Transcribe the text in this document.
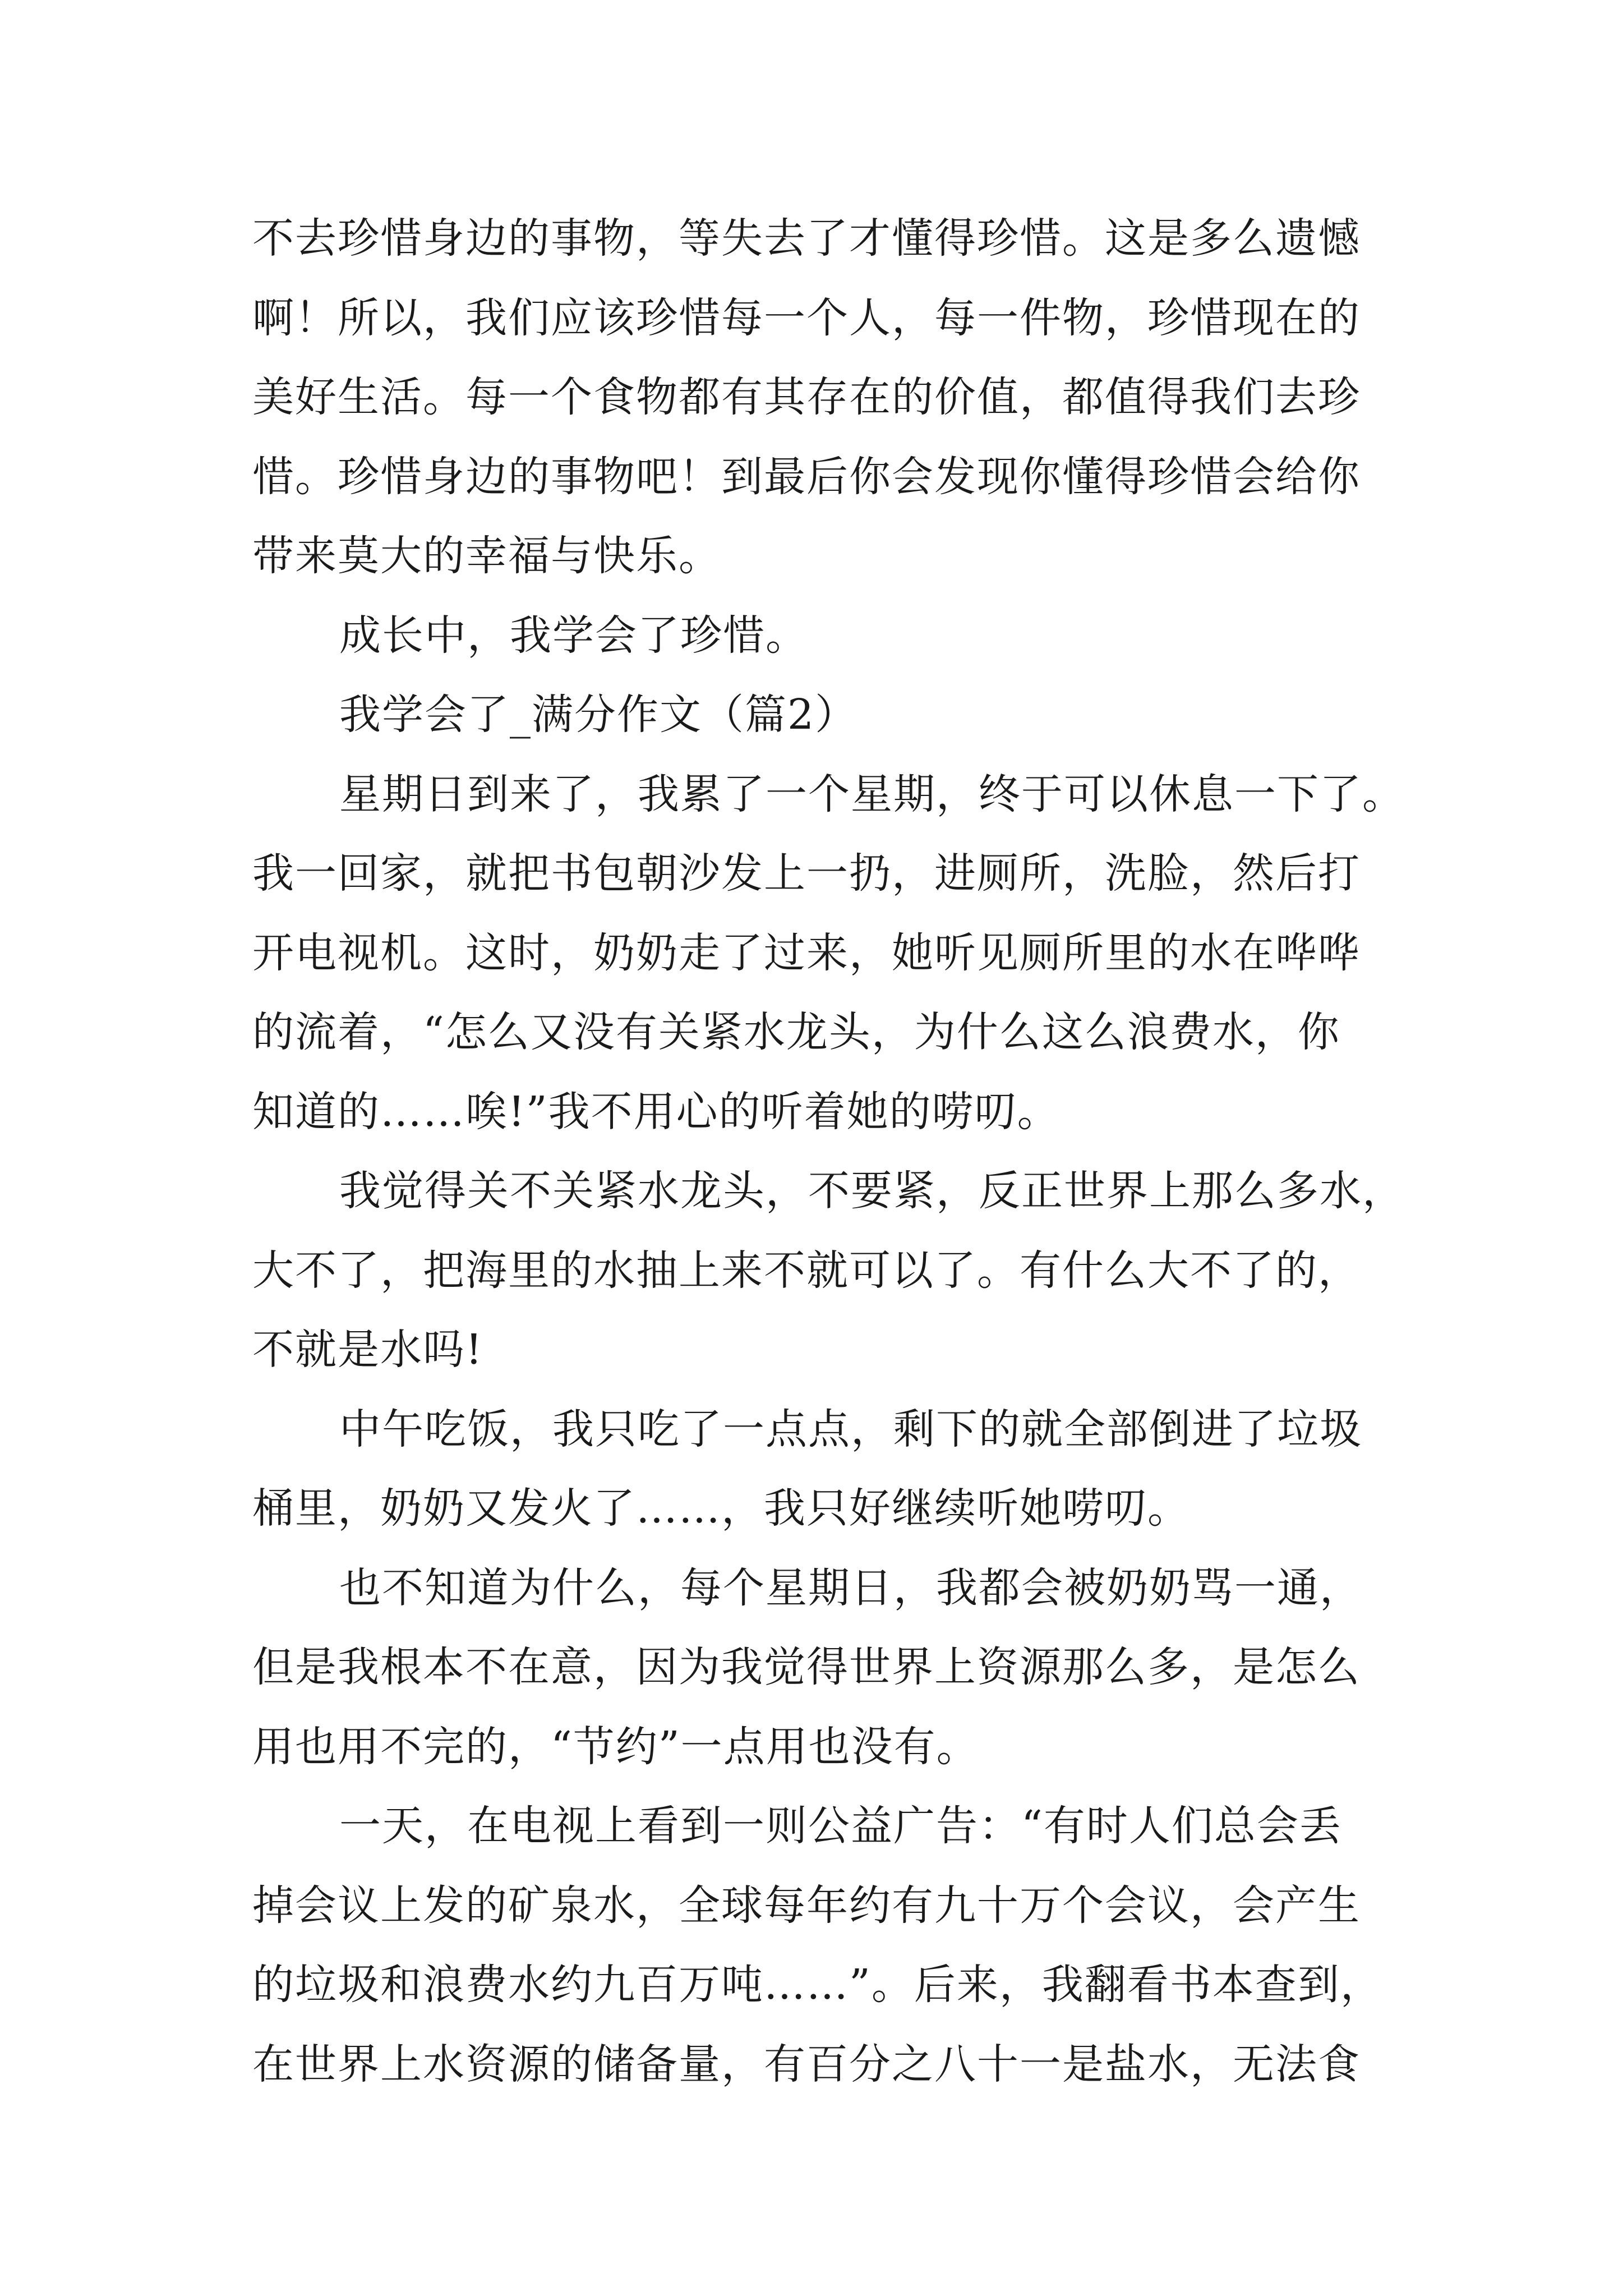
不去珍惜身边的事物，等失去了才懂得珍惜。这是多么遗憾
啊！所以，我们应该珍惜每一个人，每一件物，珍惜现在的
美好生活。每一个食物都有其存在的价值，都值得我们去珍
惜。珍惜身边的事物吧！到最后你会发现你懂得珍惜会给你
带来莫大的幸福与快乐。
成长中，我学会了珍惜。
我学会了_满分作文（篇2）
星期日到来了，我累了一个星期，终于可以休息一下了。
我一回家，就把书包朝沙发上一扔，进厕所，洗脸，然后打
开电视机。这时，奶奶走了过来，她听见厕所里的水在哗哗
的流着，“怎么又没有关紧水龙头，为什么这么浪费水，你
知道的……唉!”我不用心的听着她的唠叨。
我觉得关不关紧水龙头，不要紧，反正世界上那么多水，
大不了，把海里的水抽上来不就可以了。有什么大不了的，
不就是水吗!
中午吃饭，我只吃了一点点，剩下的就全部倒进了垃圾
桶里，奶奶又发火了……，我只好继续听她唠叨。
也不知道为什么，每个星期日，我都会被奶奶骂一通，
但是我根本不在意，因为我觉得世界上资源那么多，是怎么
用也用不完的，“节约”一点用也没有。
一天，在电视上看到一则公益广告：“有时人们总会丢
掉会议上发的矿泉水，全球每年约有九十万个会议，会产生
的垃圾和浪费水约九百万吨……”。后来，我翻看书本查到，
在世界上水资源的储备量，有百分之八十一是盐水，无法食
